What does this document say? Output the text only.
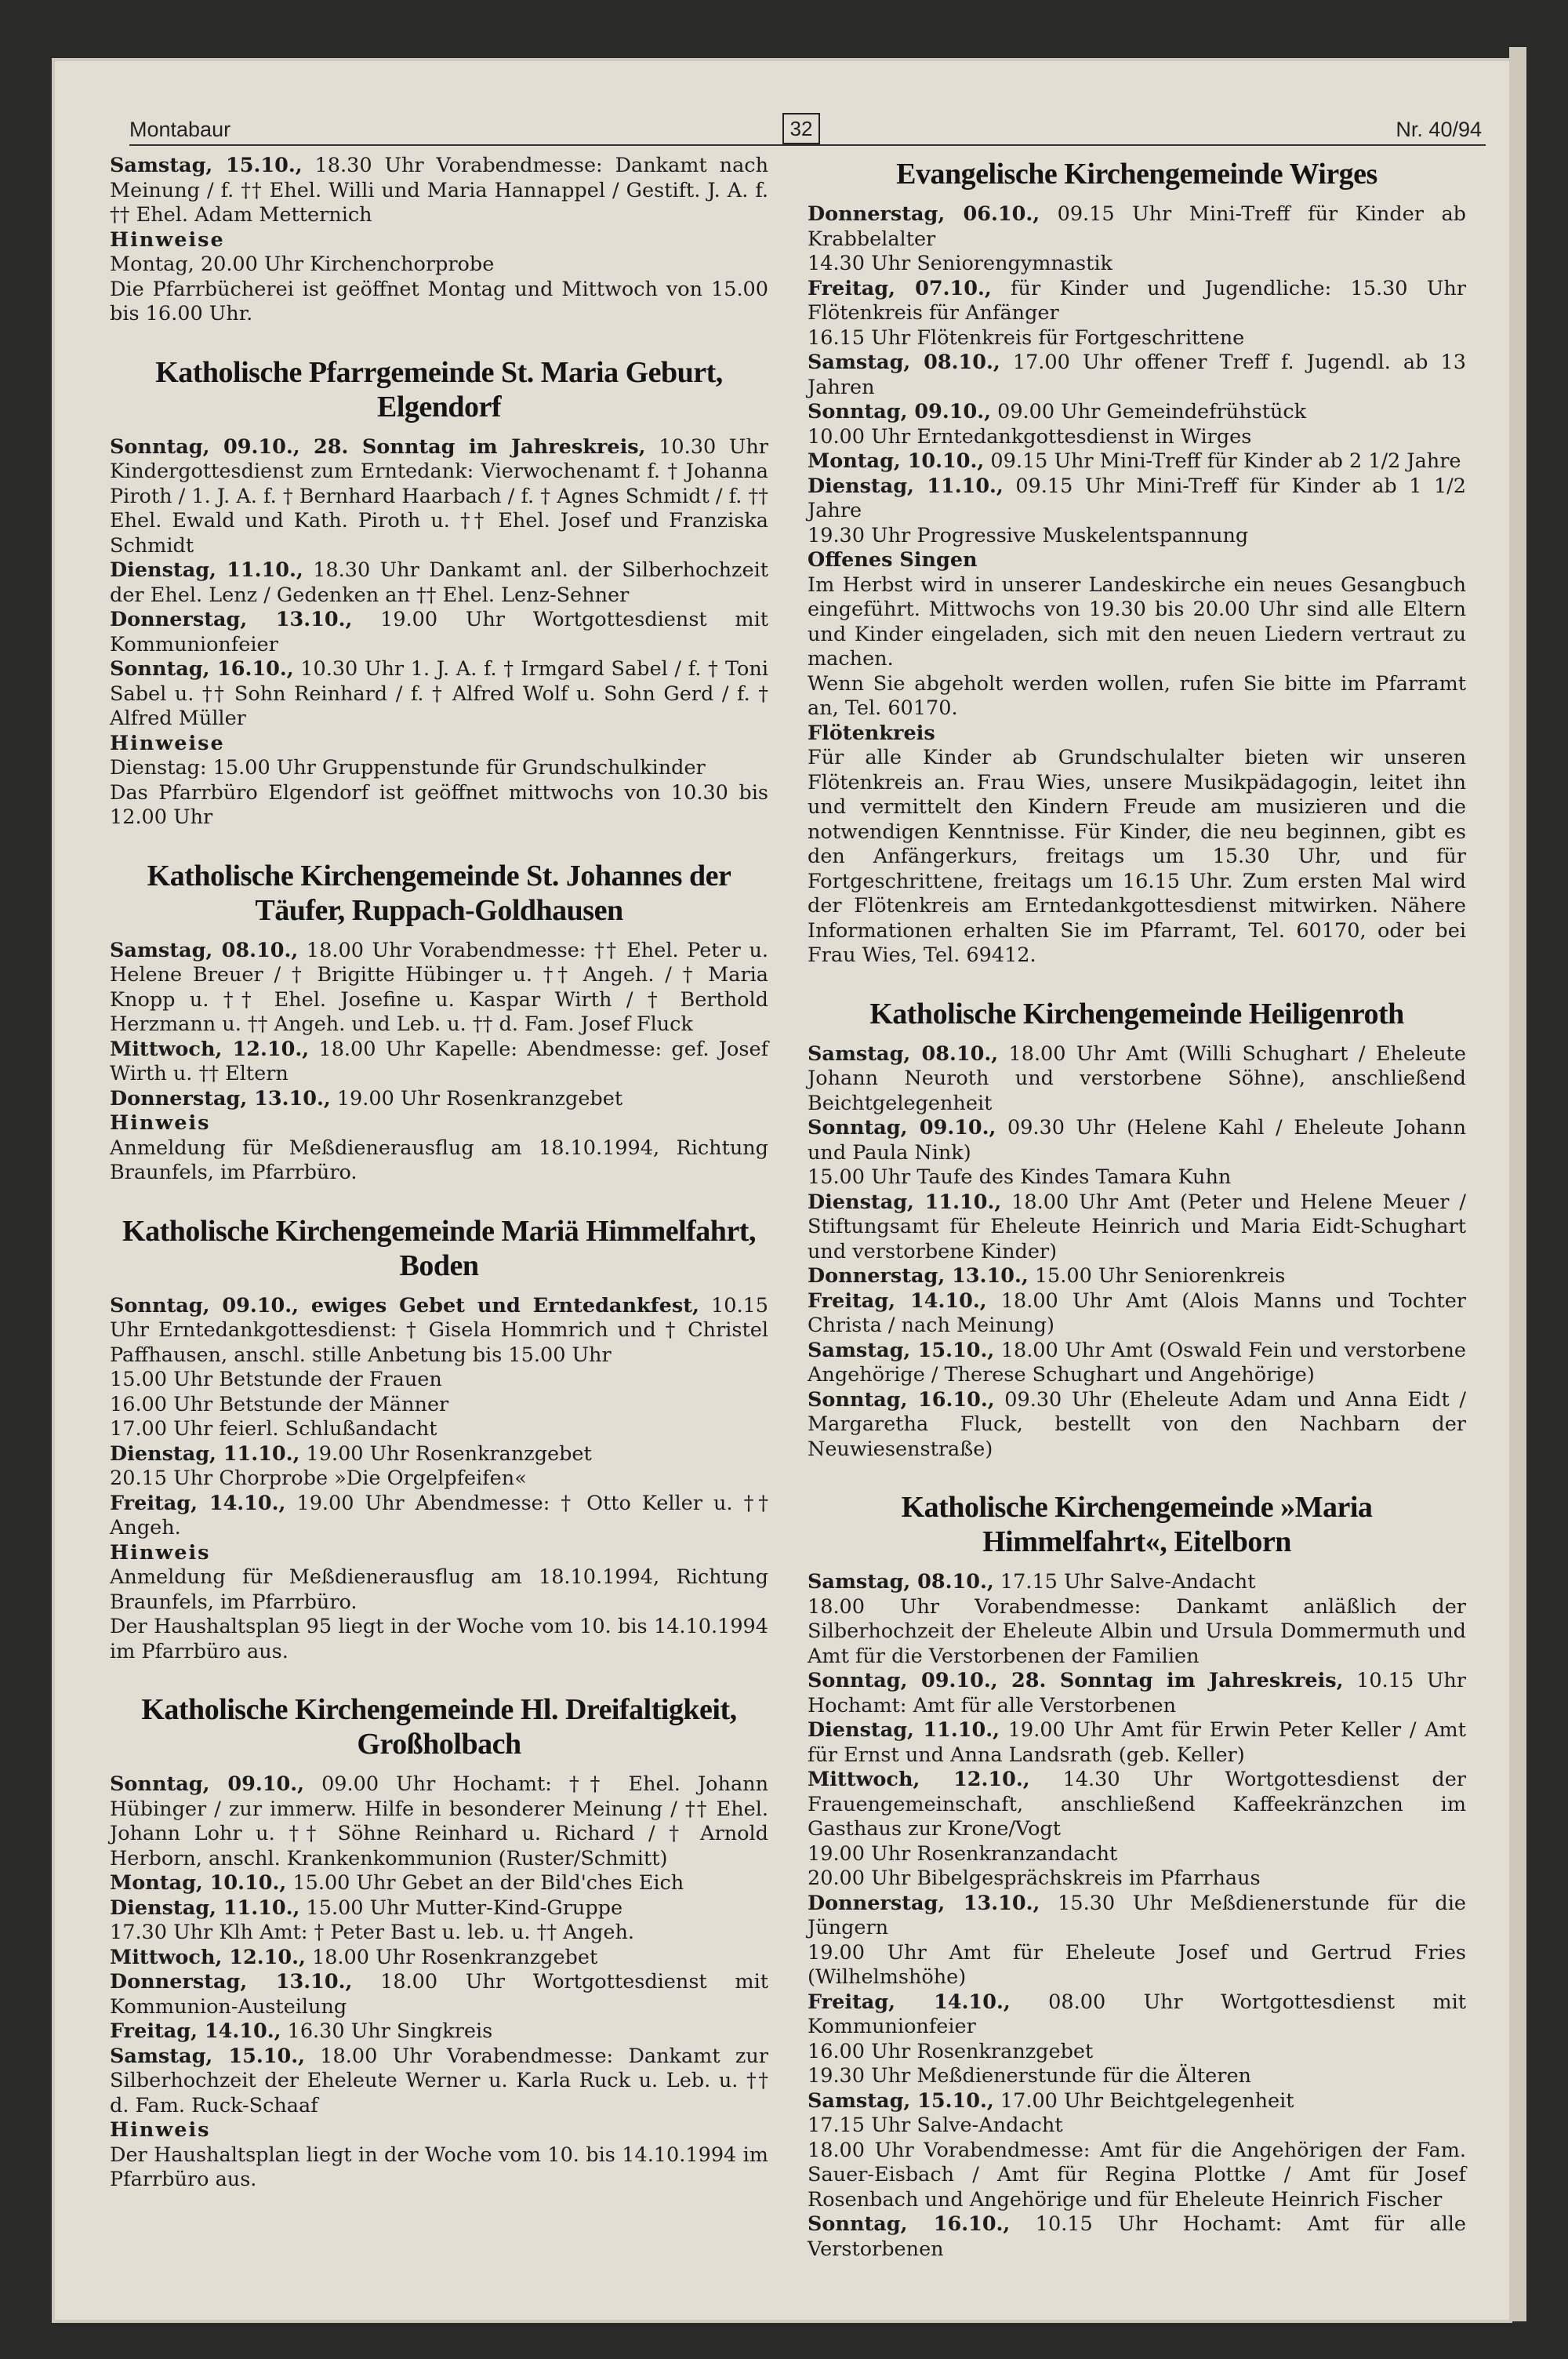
Montabaur	32	Nr. 40/94

Samstag, 15.10., 18.30 Uhr Vorabendmesse: Dankamt nach Meinung / f. †† Ehel. Willi und Maria Hannappel / Gestift. J. A. f. †† Ehel. Adam Metternich

Hinweise

Montag, 20.00 Uhr Kirchenchorprobe

Die Pfarrbücherei ist geöffnet Montag und Mittwoch von 15.00 bis 16.00 Uhr.

Katholische Pfarrgemeinde St. Maria Geburt, Elgendorf

Sonntag, 09.10., 28. Sonntag im Jahreskreis, 10.30 Uhr Kindergottesdienst zum Erntedank: Vierwochenamt f. † Johanna Piroth / 1. J. A. f. † Bernhard Haarbach / f. † Agnes Schmidt / f. †† Ehel. Ewald und Kath. Piroth u. †† Ehel. Josef und Franziska Schmidt

Dienstag, 11.10., 18.30 Uhr Dankamt anl. der Silberhochzeit der Ehel. Lenz / Gedenken an †† Ehel. Lenz-Sehner

Donnerstag, 13.10., 19.00 Uhr Wortgottesdienst mit Kommunionfeier

Sonntag, 16.10., 10.30 Uhr 1. J. A. f. † Irmgard Sabel / f. † Toni Sabel u. †† Sohn Reinhard / f. † Alfred Wolf u. Sohn Gerd / f. † Alfred Müller

Hinweise

Dienstag: 15.00 Uhr Gruppenstunde für Grundschulkinder

Das Pfarrbüro Elgendorf ist geöffnet mittwochs von 10.30 bis 12.00 Uhr

Katholische Kirchengemeinde St. Johannes der Täufer, Ruppach-Goldhausen

Samstag, 08.10., 18.00 Uhr Vorabendmesse: †† Ehel. Peter u. Helene Breuer / † Brigitte Hübinger u. †† Angeh. / † Maria Knopp u. †† Ehel. Josefine u. Kaspar Wirth / † Berthold Herzmann u. †† Angeh. und Leb. u. †† d. Fam. Josef Fluck

Mittwoch, 12.10., 18.00 Uhr Kapelle: Abendmesse: gef. Josef Wirth u. †† Eltern

Donnerstag, 13.10., 19.00 Uhr Rosenkranzgebet

Hinweis

Anmeldung für Meßdienerausflug am 18.10.1994, Richtung Braunfels, im Pfarrbüro.

Katholische Kirchengemeinde Mariä Himmelfahrt, Boden

Sonntag, 09.10., ewiges Gebet und Erntedankfest, 10.15 Uhr Erntedankgottesdienst: † Gisela Hommrich und † Christel Paffhausen, anschl. stille Anbetung bis 15.00 Uhr

15.00 Uhr Betstunde der Frauen

16.00 Uhr Betstunde der Männer

17.00 Uhr feierl. Schlußandacht

Dienstag, 11.10., 19.00 Uhr Rosenkranzgebet

20.15 Uhr Chorprobe »Die Orgelpfeifen«

Freitag, 14.10., 19.00 Uhr Abendmesse: † Otto Keller u. †† Angeh.

Hinweis

Anmeldung für Meßdienerausflug am 18.10.1994, Richtung Braunfels, im Pfarrbüro.

Der Haushaltsplan 95 liegt in der Woche vom 10. bis 14.10.1994 im Pfarrbüro aus.

Katholische Kirchengemeinde Hl. Dreifaltigkeit, Großholbach

Sonntag, 09.10., 09.00 Uhr Hochamt: †† Ehel. Johann Hübinger / zur immerw. Hilfe in besonderer Meinung / †† Ehel. Johann Lohr u. †† Söhne Reinhard u. Richard / † Arnold Herborn, anschl. Krankenkommunion (Ruster/Schmitt)

Montag, 10.10., 15.00 Uhr Gebet an der Bild'ches Eich

Dienstag, 11.10., 15.00 Uhr Mutter-Kind-Gruppe

17.30 Uhr Klh Amt: † Peter Bast u. leb. u. †† Angeh.

Mittwoch, 12.10., 18.00 Uhr Rosenkranzgebet

Donnerstag, 13.10., 18.00 Uhr Wortgottesdienst mit Kommunion-Austeilung

Freitag, 14.10., 16.30 Uhr Singkreis

Samstag, 15.10., 18.00 Uhr Vorabendmesse: Dankamt zur Silberhochzeit der Eheleute Werner u. Karla Ruck u. Leb. u. †† d. Fam. Ruck-Schaaf

Hinweis

Der Haushaltsplan liegt in der Woche vom 10. bis 14.10.1994 im Pfarrbüro aus.

Evangelische Kirchengemeinde Wirges

Donnerstag, 06.10., 09.15 Uhr Mini-Treff für Kinder ab Krabbelalter

14.30 Uhr Seniorengymnastik

Freitag, 07.10., für Kinder und Jugendliche: 15.30 Uhr Flötenkreis für Anfänger

16.15 Uhr Flötenkreis für Fortgeschrittene

Samstag, 08.10., 17.00 Uhr offener Treff f. Jugendl. ab 13 Jahren

Sonntag, 09.10., 09.00 Uhr Gemeindefrühstück

10.00 Uhr Erntedankgottesdienst in Wirges

Montag, 10.10., 09.15 Uhr Mini-Treff für Kinder ab 2 1/2 Jahre

Dienstag, 11.10., 09.15 Uhr Mini-Treff für Kinder ab 1 1/2 Jahre

19.30 Uhr Progressive Muskelentspannung

Offenes Singen

Im Herbst wird in unserer Landeskirche ein neues Gesangbuch eingeführt. Mittwochs von 19.30 bis 20.00 Uhr sind alle Eltern und Kinder eingeladen, sich mit den neuen Liedern vertraut zu machen.

Wenn Sie abgeholt werden wollen, rufen Sie bitte im Pfarramt an, Tel. 60170.

Flötenkreis

Für alle Kinder ab Grundschulalter bieten wir unseren Flötenkreis an. Frau Wies, unsere Musikpädagogin, leitet ihn und vermittelt den Kindern Freude am musizieren und die notwendigen Kenntnisse. Für Kinder, die neu beginnen, gibt es den Anfängerkurs, freitags um 15.30 Uhr, und für Fortgeschrittene, freitags um 16.15 Uhr. Zum ersten Mal wird der Flötenkreis am Erntedankgottesdienst mitwirken. Nähere Informationen erhalten Sie im Pfarramt, Tel. 60170, oder bei Frau Wies, Tel. 69412.

Katholische Kirchengemeinde Heiligenroth

Samstag, 08.10., 18.00 Uhr Amt (Willi Schughart / Eheleute Johann Neuroth und verstorbene Söhne), anschließend Beichtgelegenheit

Sonntag, 09.10., 09.30 Uhr (Helene Kahl / Eheleute Johann und Paula Nink)

15.00 Uhr Taufe des Kindes Tamara Kuhn

Dienstag, 11.10., 18.00 Uhr Amt (Peter und Helene Meuer / Stiftungsamt für Eheleute Heinrich und Maria Eidt-Schughart und verstorbene Kinder)

Donnerstag, 13.10., 15.00 Uhr Seniorenkreis

Freitag, 14.10., 18.00 Uhr Amt (Alois Manns und Tochter Christa / nach Meinung)

Samstag, 15.10., 18.00 Uhr Amt (Oswald Fein und verstorbene Angehörige / Therese Schughart und Angehörige)

Sonntag, 16.10., 09.30 Uhr (Eheleute Adam und Anna Eidt / Margaretha Fluck, bestellt von den Nachbarn der Neuwiesenstraße)

Katholische Kirchengemeinde »Maria Himmelfahrt«, Eitelborn

Samstag, 08.10., 17.15 Uhr Salve-Andacht

18.00 Uhr Vorabendmesse: Dankamt anläßlich der Silberhochzeit der Eheleute Albin und Ursula Dommermuth und Amt für die Verstorbenen der Familien

Sonntag, 09.10., 28. Sonntag im Jahreskreis, 10.15 Uhr Hochamt: Amt für alle Verstorbenen

Dienstag, 11.10., 19.00 Uhr Amt für Erwin Peter Keller / Amt für Ernst und Anna Landsrath (geb. Keller)

Mittwoch, 12.10., 14.30 Uhr Wortgottesdienst der Frauengemeinschaft, anschließend Kaffeekränzchen im Gasthaus zur Krone/Vogt

19.00 Uhr Rosenkranzandacht

20.00 Uhr Bibelgesprächskreis im Pfarrhaus

Donnerstag, 13.10., 15.30 Uhr Meßdienerstunde für die Jüngern

19.00 Uhr Amt für Eheleute Josef und Gertrud Fries (Wilhelmshöhe)

Freitag, 14.10., 08.00 Uhr Wortgottesdienst mit Kommunionfeier

16.00 Uhr Rosenkranzgebet

19.30 Uhr Meßdienerstunde für die Älteren

Samstag, 15.10., 17.00 Uhr Beichtgelegenheit

17.15 Uhr Salve-Andacht

18.00 Uhr Vorabendmesse: Amt für die Angehörigen der Fam. Sauer-Eisbach / Amt für Regina Plottke / Amt für Josef Rosenbach und Angehörige und für Eheleute Heinrich Fischer

Sonntag, 16.10., 10.15 Uhr Hochamt: Amt für alle Verstorbenen
